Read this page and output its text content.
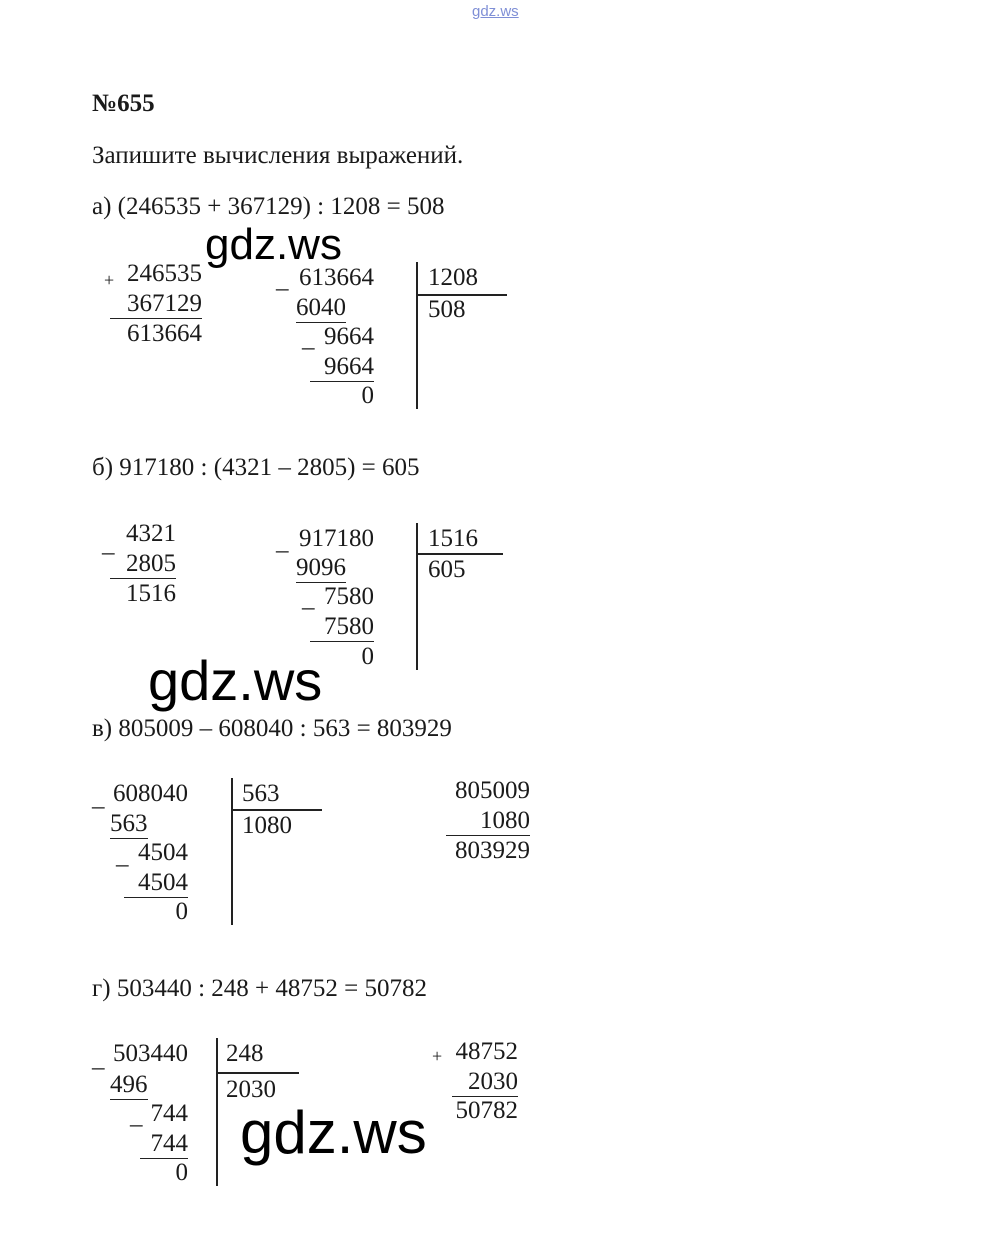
gdz.ws
№655
Запишите вычисления выражений.
а) (246535 + 367129) : 1208 = 508
+ 246535
367129
613664
_ 613664
6040
_ 9664
9664
0
1208
508
gdz.ws
б) 917180 : (4321 – 2805) = 605
_ 4321
2805
1516
_ 917180
9096
_ 7580
7580
0
1516
605
gdz.ws
в) 805009 – 608040 : 563 = 803929
_ 608040
563
_ 4504
4504
0
563
1080
805009
1080
803929
г) 503440 : 248 + 48752 = 50782
_ 503440
496
_ 744
744
0
248
2030
+ 48752
2030
50782
gdz.ws
